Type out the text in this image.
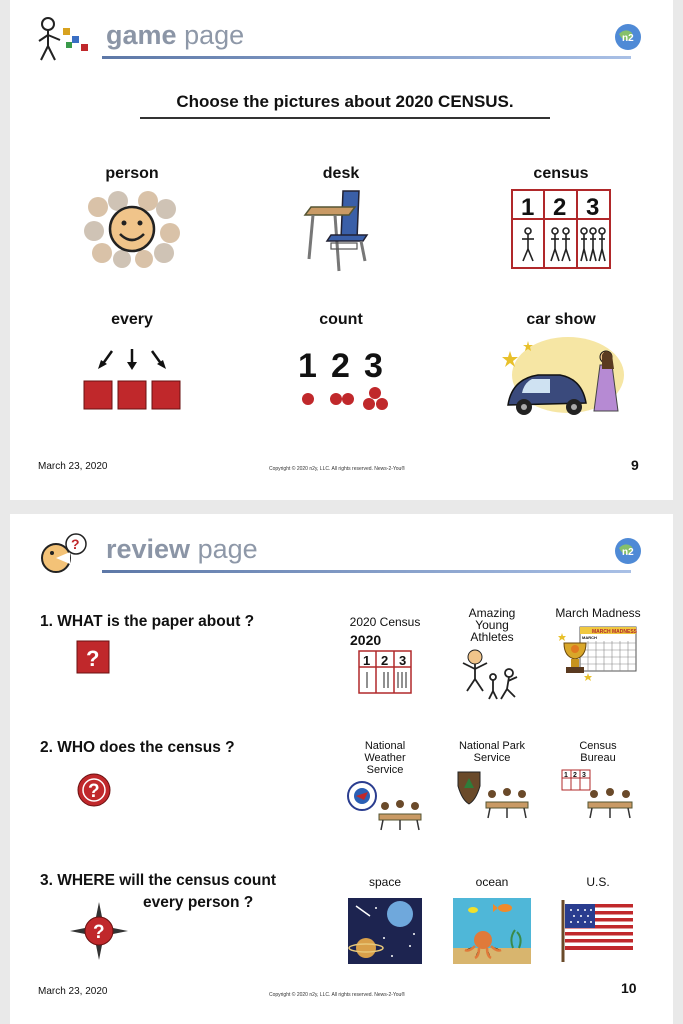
game page	n2
Choose the pictures about 2020 CENSUS.
person	desk	census
1 2 3
every	count
1 2 3
car show
March 23, 2020	Copyright © 2020 n2y, LLC. All rights reserved. News-2-You®	9
? review page	n2
1. WHAT is the paper about ?
?
2020 Census
2020
1 2 3
Amazing Young Athletes
March Madness
MARCH MADNESS
MARCH
2. WHO does the census ?
?
National Weather Service
National Park Service
Census Bureau
1 2 3
3. WHERE will the census count
every person ?
?
space	ocean	U.S.
March 23, 2020	Copyright © 2020 n2y, LLC. All rights reserved. News-2-You®	10
